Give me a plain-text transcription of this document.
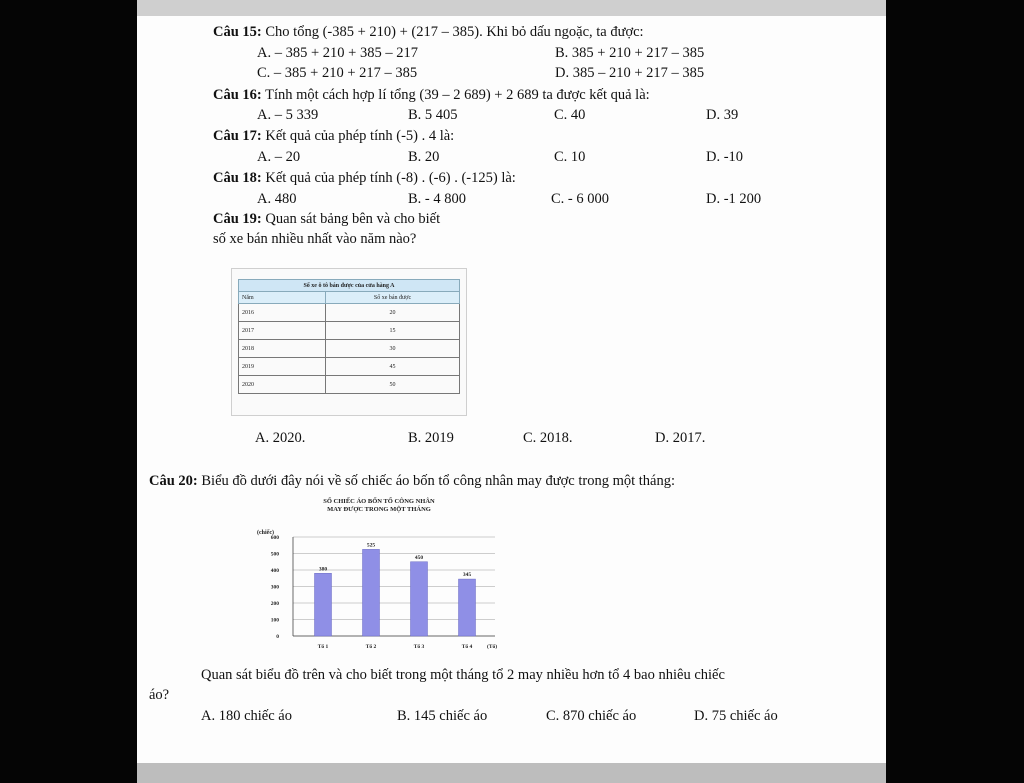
Câu 15: Cho tổng (-385 + 210) + (217 – 385). Khi bỏ dấu ngoặc, ta được:
A. – 385 + 210 + 385 – 217	B. 385 + 210 + 217 – 385
C. – 385 + 210 + 217 – 385	D. 385 – 210 + 217 – 385
Câu 16: Tính một cách hợp lí tổng (39 – 2 689) + 2 689 ta được kết quả là:
A. – 5 339	B. 5 405	C. 40	D. 39
Câu 17: Kết quả của phép tính (-5) . 4 là:
A. – 20	B. 20	C. 10	D. -10
Câu 18: Kết quả của phép tính (-8) . (-6) . (-125) là:
A. 480	B. - 4 800	C. - 6 000	D. -1 200
Câu 19: Quan sát bảng bên và cho biết
số xe bán nhiều nhất vào năm nào?
Số xe ô tô bán được của cửa hàng A	
Năm	Số xe bán được
2016	20
2017	15
2018	30
2019	45
2020	50
A. 2020.	B. 2019	C. 2018.	D. 2017.
Câu 20: Biểu đồ dưới đây nói về số chiếc áo bốn tổ công nhân may được trong một tháng:
SỐ CHIẾC ÁO BỐN TỔ CÔNG NHÂN
MAY ĐƯỢC TRONG MỘT THÁNG
(chiếc)
0
100
200
300
400
500
600
380
Tổ 1
525
Tổ 2
450
Tổ 3
345
Tổ 4	(Tổ)
Quan sát biểu đồ trên và cho biết trong một tháng tổ 2 may nhiều hơn tổ 4 bao nhiêu chiếc
áo?
A. 180 chiếc áo	B. 145 chiếc áo	C. 870 chiếc áo	D. 75 chiếc áo
